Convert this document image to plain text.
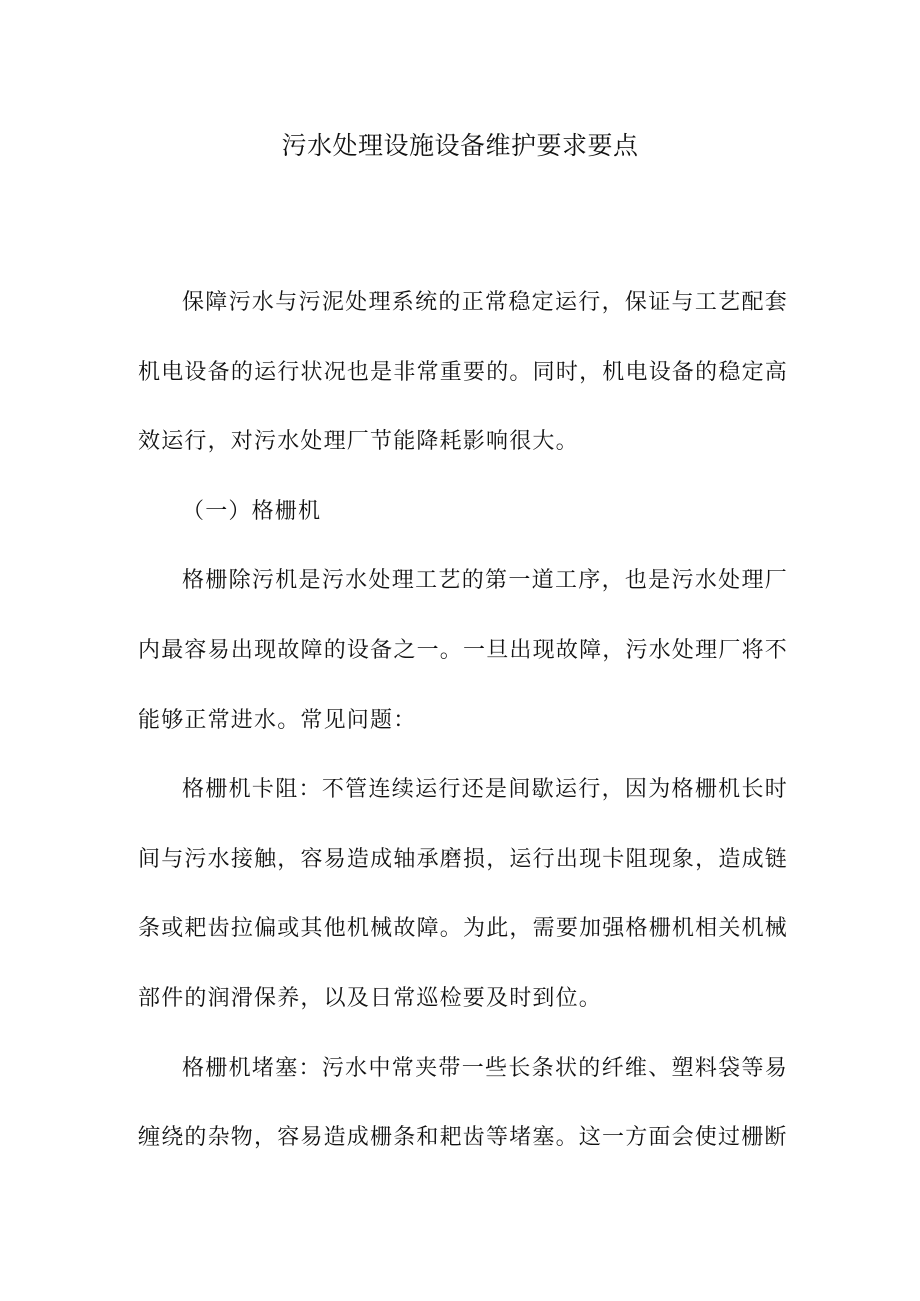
污水处理设施设备维护要求要点

保障污水与污泥处理系统的正常稳定运行，保证与工艺配套机电设备的运行状况也是非常重要的。同时，机电设备的稳定高效运行，对污水处理厂节能降耗影响很大。

（一）格栅机

格栅除污机是污水处理工艺的第一道工序，也是污水处理厂内最容易出现故障的设备之一。一旦出现故障，污水处理厂将不能够正常进水。常见问题：

格栅机卡阻：不管连续运行还是间歇运行，因为格栅机长时间与污水接触，容易造成轴承磨损，运行出现卡阻现象，造成链条或耙齿拉偏或其他机械故障。为此，需要加强格栅机相关机械部件的润滑保养，以及日常巡检要及时到位。

格栅机堵塞：污水中常夹带一些长条状的纤维、塑料袋等易缠绕的杂物，容易造成栅条和耙齿等堵塞。这一方面会使过栅断
